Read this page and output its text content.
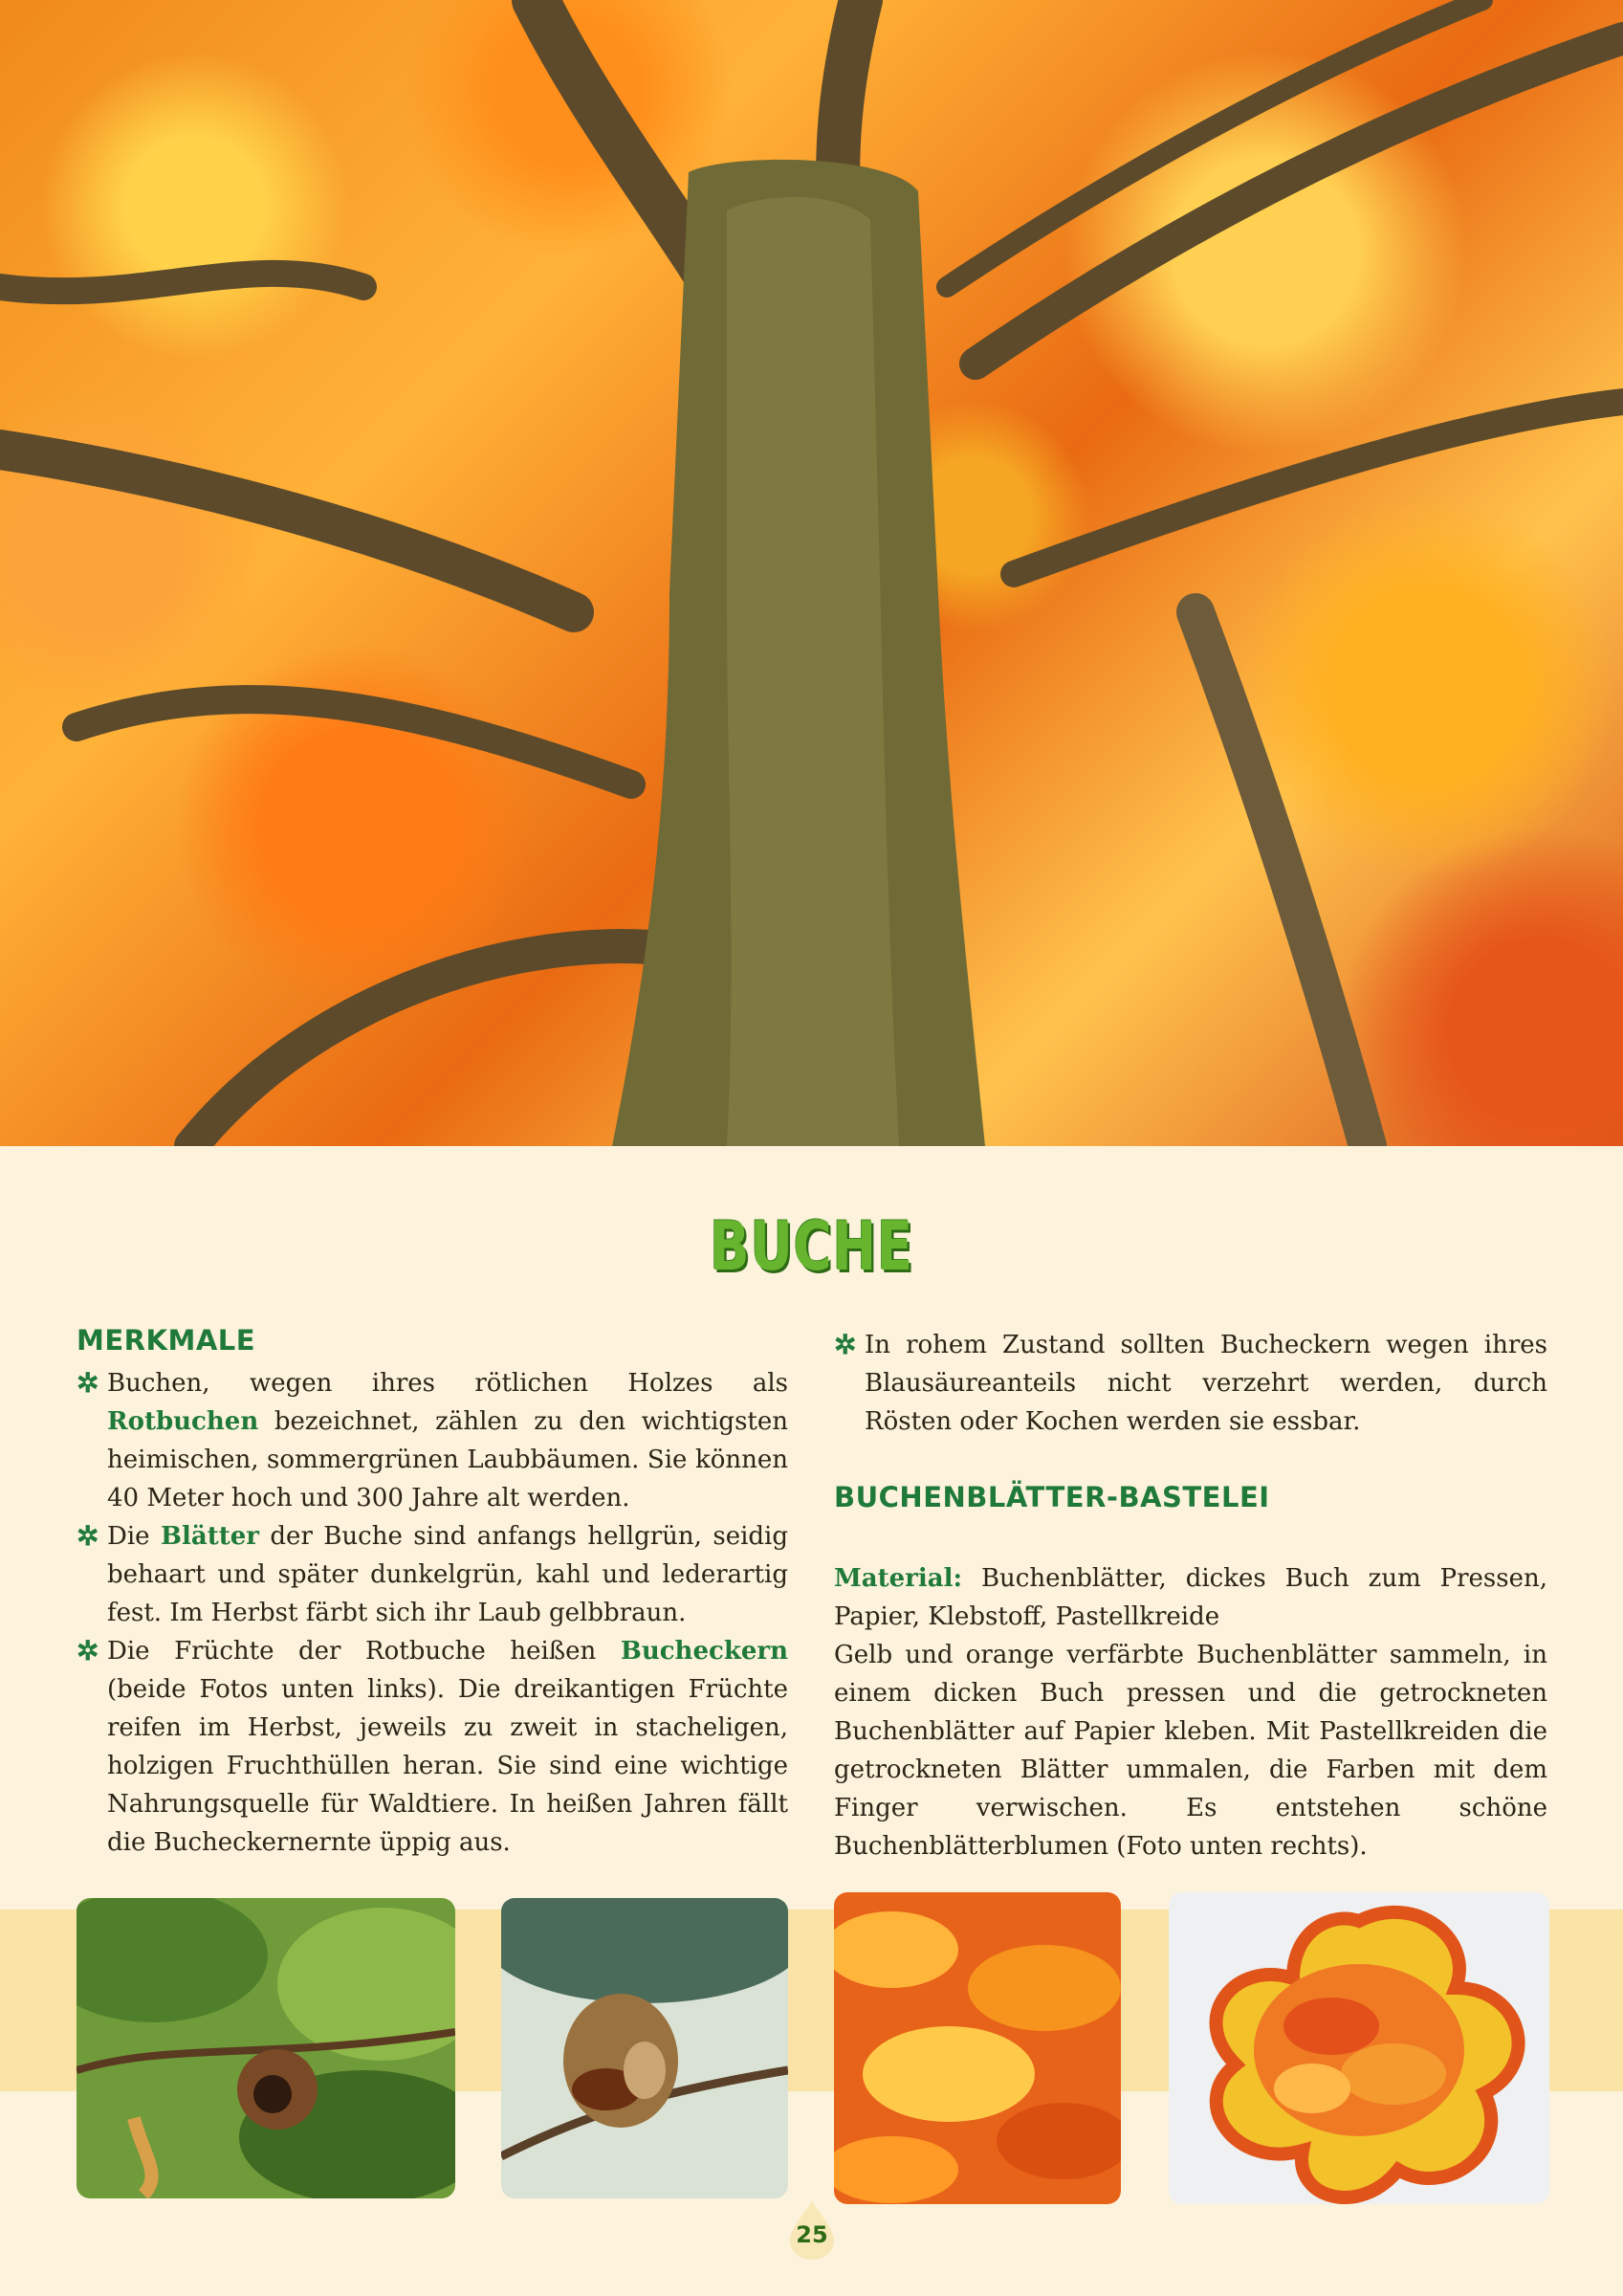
BUCHE
MERKMALE

✲ Buchen, wegen ihres rötlichen Holzes als Rotbuchen bezeichnet, zählen zu den wichtigsten heimischen, sommergrünen Laubbäumen. Sie können 40 Meter hoch und 300 Jahre alt werden.

✲ Die Blätter der Buche sind anfangs hellgrün, seidig behaart und später dunkelgrün, kahl und lederartig fest. Im Herbst färbt sich ihr Laub gelbbraun.

✲ Die Früchte der Rotbuche heißen Bucheckern (beide Fotos unten links). Die dreikantigen Früchte reifen im Herbst, jeweils zu zweit in stacheligen, holzigen Fruchthüllen heran. Sie sind eine wichtige Nahrungsquelle für Waldtiere. In heißen Jahren fällt die Bucheckernernte üppig aus.

✲ In rohem Zustand sollten Bucheckern wegen ihres Blausäureanteils nicht verzehrt werden, durch Rösten oder Kochen werden sie essbar.

BUCHENBLÄTTER-BASTELEI

Material: Buchenblätter, dickes Buch zum Pressen, Papier, Klebstoff, Pastellkreide

Gelb und orange verfärbte Buchenblätter sammeln, in einem dicken Buch pressen und die getrockneten Buchenblätter auf Papier kleben. Mit Pastellkreiden die getrockneten Blätter ummalen, die Farben mit dem Finger verwischen. Es entstehen schöne Buchenblätterblumen (Foto unten rechts).

25
